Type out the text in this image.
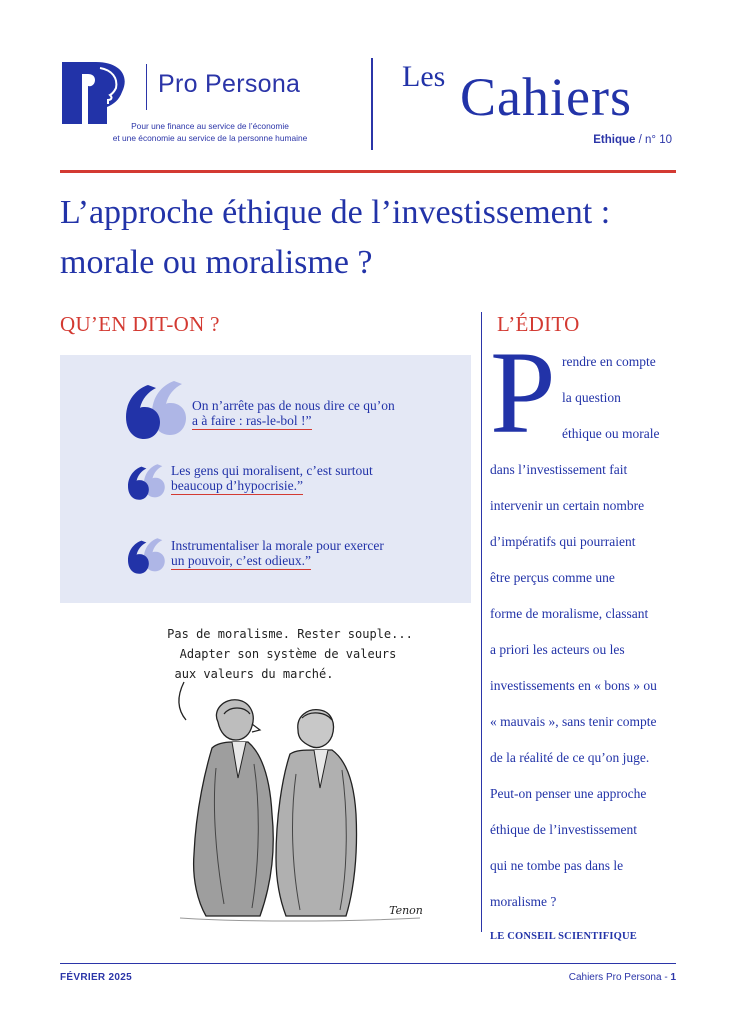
Pro Persona
Pour une finance au service de l’économie
et une économie au service de la personne humaine
Les Cahiers
Ethique / n° 10
L’approche éthique de l’investissement :
morale ou moralisme ?
QU’EN DIT-ON ?
On n’arrête pas de nous dire ce qu’on
a à faire : ras-le-bol !”
Les gens qui moralisent, c’est surtout
beaucoup d’hypocrisie.”
Instrumentaliser la morale pour exercer
un pouvoir, c’est odieux.”
Pas de moralisme. Rester souple...
Adapter son système de valeurs
aux valeurs du marché.
Tenon
L’ÉDITO
P rendre en compte
la question
éthique ou morale
dans l’investissement fait
intervenir un certain nombre
d’impératifs qui pourraient
être perçus comme une
forme de moralisme, classant
a priori les acteurs ou les
investissements en « bons » ou
« mauvais », sans tenir compte
de la réalité de ce qu’on juge.
Peut-on penser une approche
éthique de l’investissement
qui ne tombe pas dans le
moralisme ?
LE CONSEIL SCIENTIFIQUE
FÉVRIER 2025	Cahiers Pro Persona - 1
